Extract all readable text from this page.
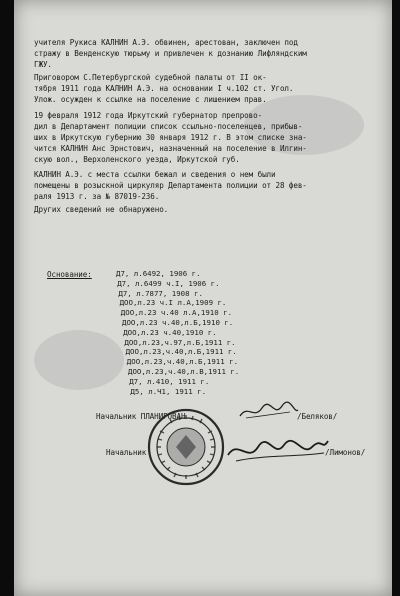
учителя Рукиса КАЛНИН А.Э. обвинен, арестован, заключен под
стражу в Венденскую тюрьму и привлечен к дознанию Лифляндским
ГЖУ.
Приговором С.Петербургской судебной палаты от II ок-
тября 1911 года КАЛНИН А.Э. на основании I ч.102 ст. Угол.
Улож. осужден к ссылке на поселение с лишением прав.
19 февраля 1912 года Иркутский губернатор препрово-
дил в Департамент полиции список ссыльно-поселенцев, прибыв-
ших в Иркутскую губернию 30 января 1912 г. В этом списке зна-
чится КАЛНИН Анс Эрнстович, назначенный на поселение в Илгин-
скую вол., Верхоленского уезда, Иркутской губ.
КАЛНИН А.Э. с места ссылки бежал и сведения о нем были
помещены в розыскной циркуляр Департамента полиции от 28 фев-
раля 1913 г. за № 87019-236.
Других сведений не обнаружено.
Основание:	Д7, л.6492, 1906 г.
Д7, л.6499 ч.I, 1906 г.
Д7, л.7877, 1908 г.
ДОО,л.23 ч.I л.А,1909 г.
ДОО,л.23 ч.40 л.А,1910 г.
ДОО,л.23 ч.40,л.Б,1910 г.
ДОО,л.23 ч.40,1910 г.
ДОО,л.23,ч.97,л.Б,1911 г.
ДОО,л.23,ч.40,л.Б,1911 г.
ДОО,л.23,ч.40,л.Б,1911 г.
ДОО,л.23,ч.40,л.В,1911 г.
Д7, л.410, 1911 г.
Д5, л.Ч1, 1911 г.
Начальник ПЛАНИРОВАН	/Беляков/
Начальник	/Лимонов/
